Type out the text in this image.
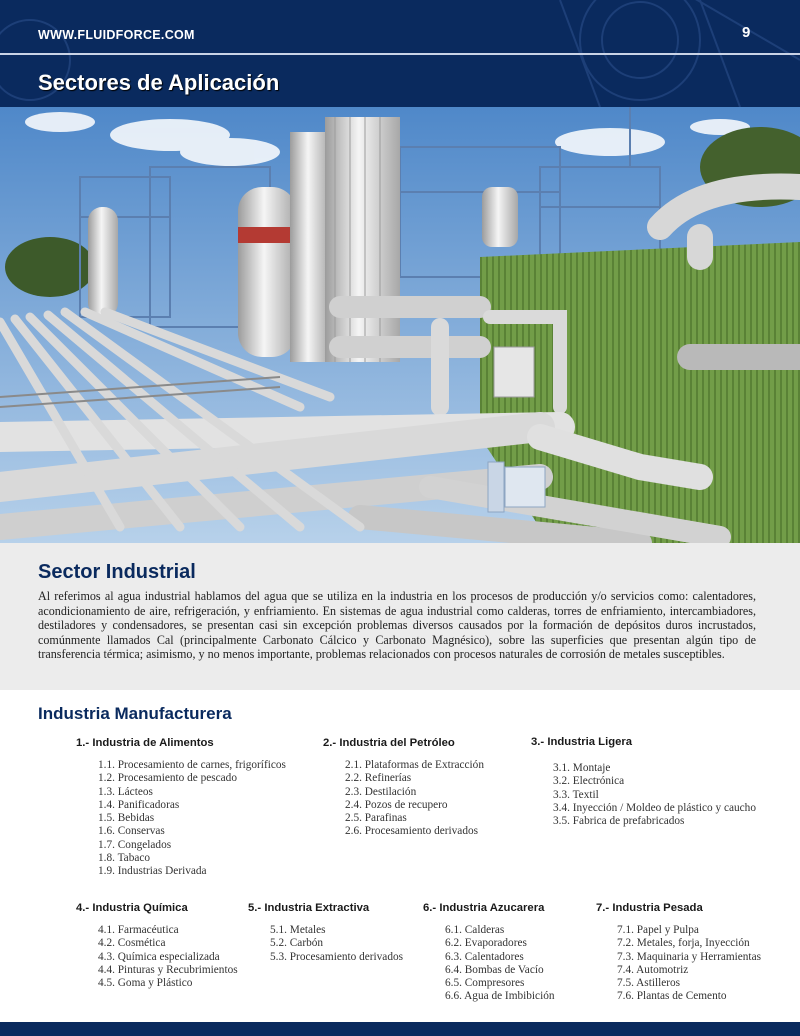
WWW.FLUIDFORCE.COM	9
Sectores de Aplicación
Sector Industrial

Al referimos al agua industrial hablamos del agua que se utiliza en la industria en los procesos de producción y/o servicios como: calentadores, acondicionamiento de aire, refrigeración, y enfriamiento. En sistemas de agua industrial como calderas, torres de enfriamiento, intercambiadores, destiladores y condensadores, se presentan casi sin excepción problemas diversos causados por la formación de depósitos duros incrustados, comúnmente llamados Cal (principalmente Carbonato Cálcico y Carbonato Magnésico), sobre las superficies que presentan algún tipo de transferencia térmica; asimismo, y no menos importante, problemas relacionados con procesos naturales de corrosión de metales susceptibles.

Industria Manufacturera
1.- Industria de Alimentos
1.1. Procesamiento de carnes, frigoríficos
1.2. Procesamiento de pescado
1.3. Lácteos
1.4. Panificadoras
1.5. Bebidas
1.6. Conservas
1.7. Congelados
1.8. Tabaco
1.9. Industrias Derivada
2.- Industria del Petróleo
2.1. Plataformas de Extracción
2.2. Refinerías
2.3. Destilación
2.4. Pozos de recupero
2.5. Parafinas
2.6. Procesamiento derivados
3.- Industria Ligera
3.1. Montaje
3.2. Electrónica
3.3. Textil
3.4. Inyección / Moldeo de plástico y caucho
3.5. Fabrica de prefabricados
4.- Industria Química
4.1. Farmacéutica
4.2. Cosmética
4.3. Química especializada
4.4. Pinturas y Recubrimientos
4.5. Goma y Plástico
5.- Industria Extractiva
5.1. Metales
5.2. Carbón
5.3. Procesamiento derivados
6.- Industria Azucarera
6.1. Calderas
6.2. Evaporadores
6.3. Calentadores
6.4. Bombas de Vacío
6.5. Compresores
6.6. Agua de Imbibición
7.- Industria Pesada
7.1. Papel y Pulpa
7.2. Metales, forja, Inyección
7.3. Maquinaria y Herramientas
7.4. Automotriz
7.5. Astilleros
7.6. Plantas de Cemento
